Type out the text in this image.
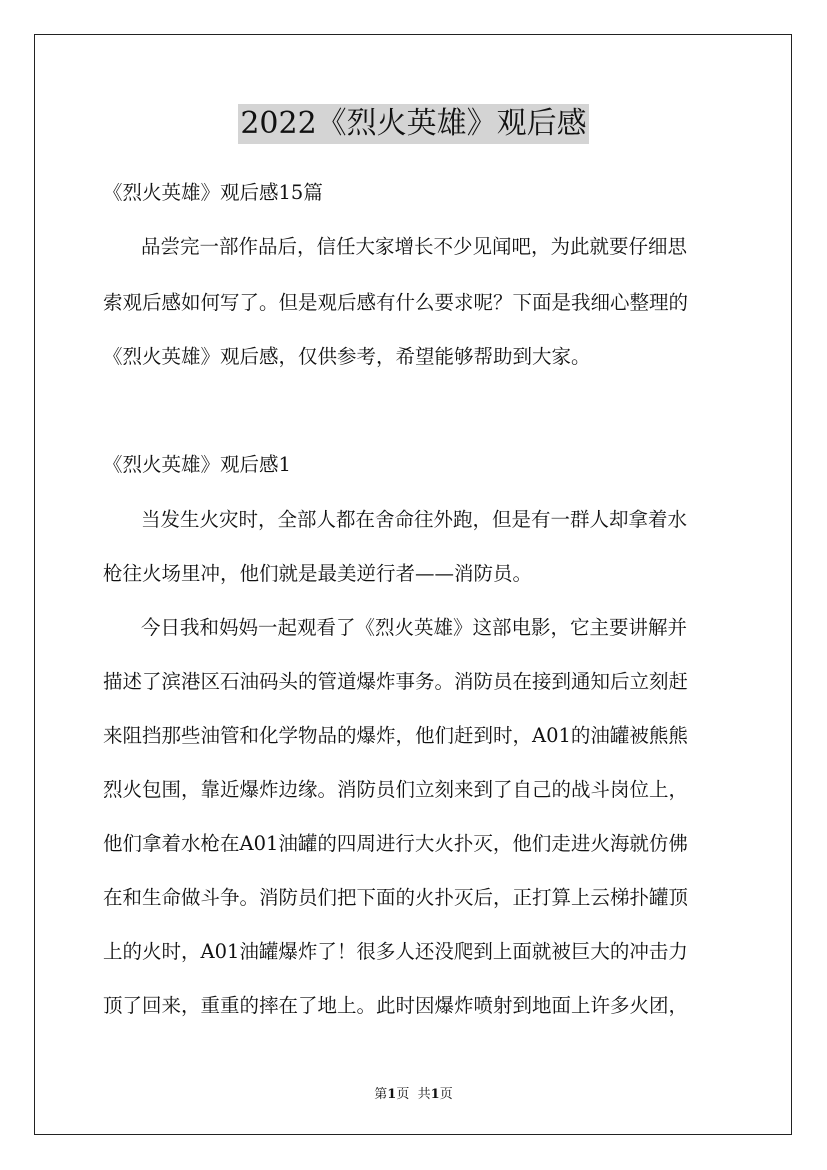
2022《烈火英雄》观后感
《烈火英雄》观后感15篇
品尝完一部作品后，信任大家增长不少见闻吧，为此就要仔细思
索观后感如何写了。但是观后感有什么要求呢？下面是我细心整理的
《烈火英雄》观后感，仅供参考，希望能够帮助到大家。
《烈火英雄》观后感1
当发生火灾时，全部人都在舍命往外跑，但是有一群人却拿着水
枪往火场里冲，他们就是最美逆行者——消防员。
今日我和妈妈一起观看了《烈火英雄》这部电影，它主要讲解并
描述了滨港区石油码头的管道爆炸事务。消防员在接到通知后立刻赶
来阻挡那些油管和化学物品的爆炸，他们赶到时，A01的油罐被熊熊
烈火包围，靠近爆炸边缘。消防员们立刻来到了自己的战斗岗位上，
他们拿着水枪在A01油罐的四周进行大火扑灭，他们走进火海就仿佛
在和生命做斗争。消防员们把下面的火扑灭后，正打算上云梯扑罐顶
上的火时，A01油罐爆炸了！很多人还没爬到上面就被巨大的冲击力
顶了回来，重重的摔在了地上。此时因爆炸喷射到地面上许多火团，
第1页 共1页
